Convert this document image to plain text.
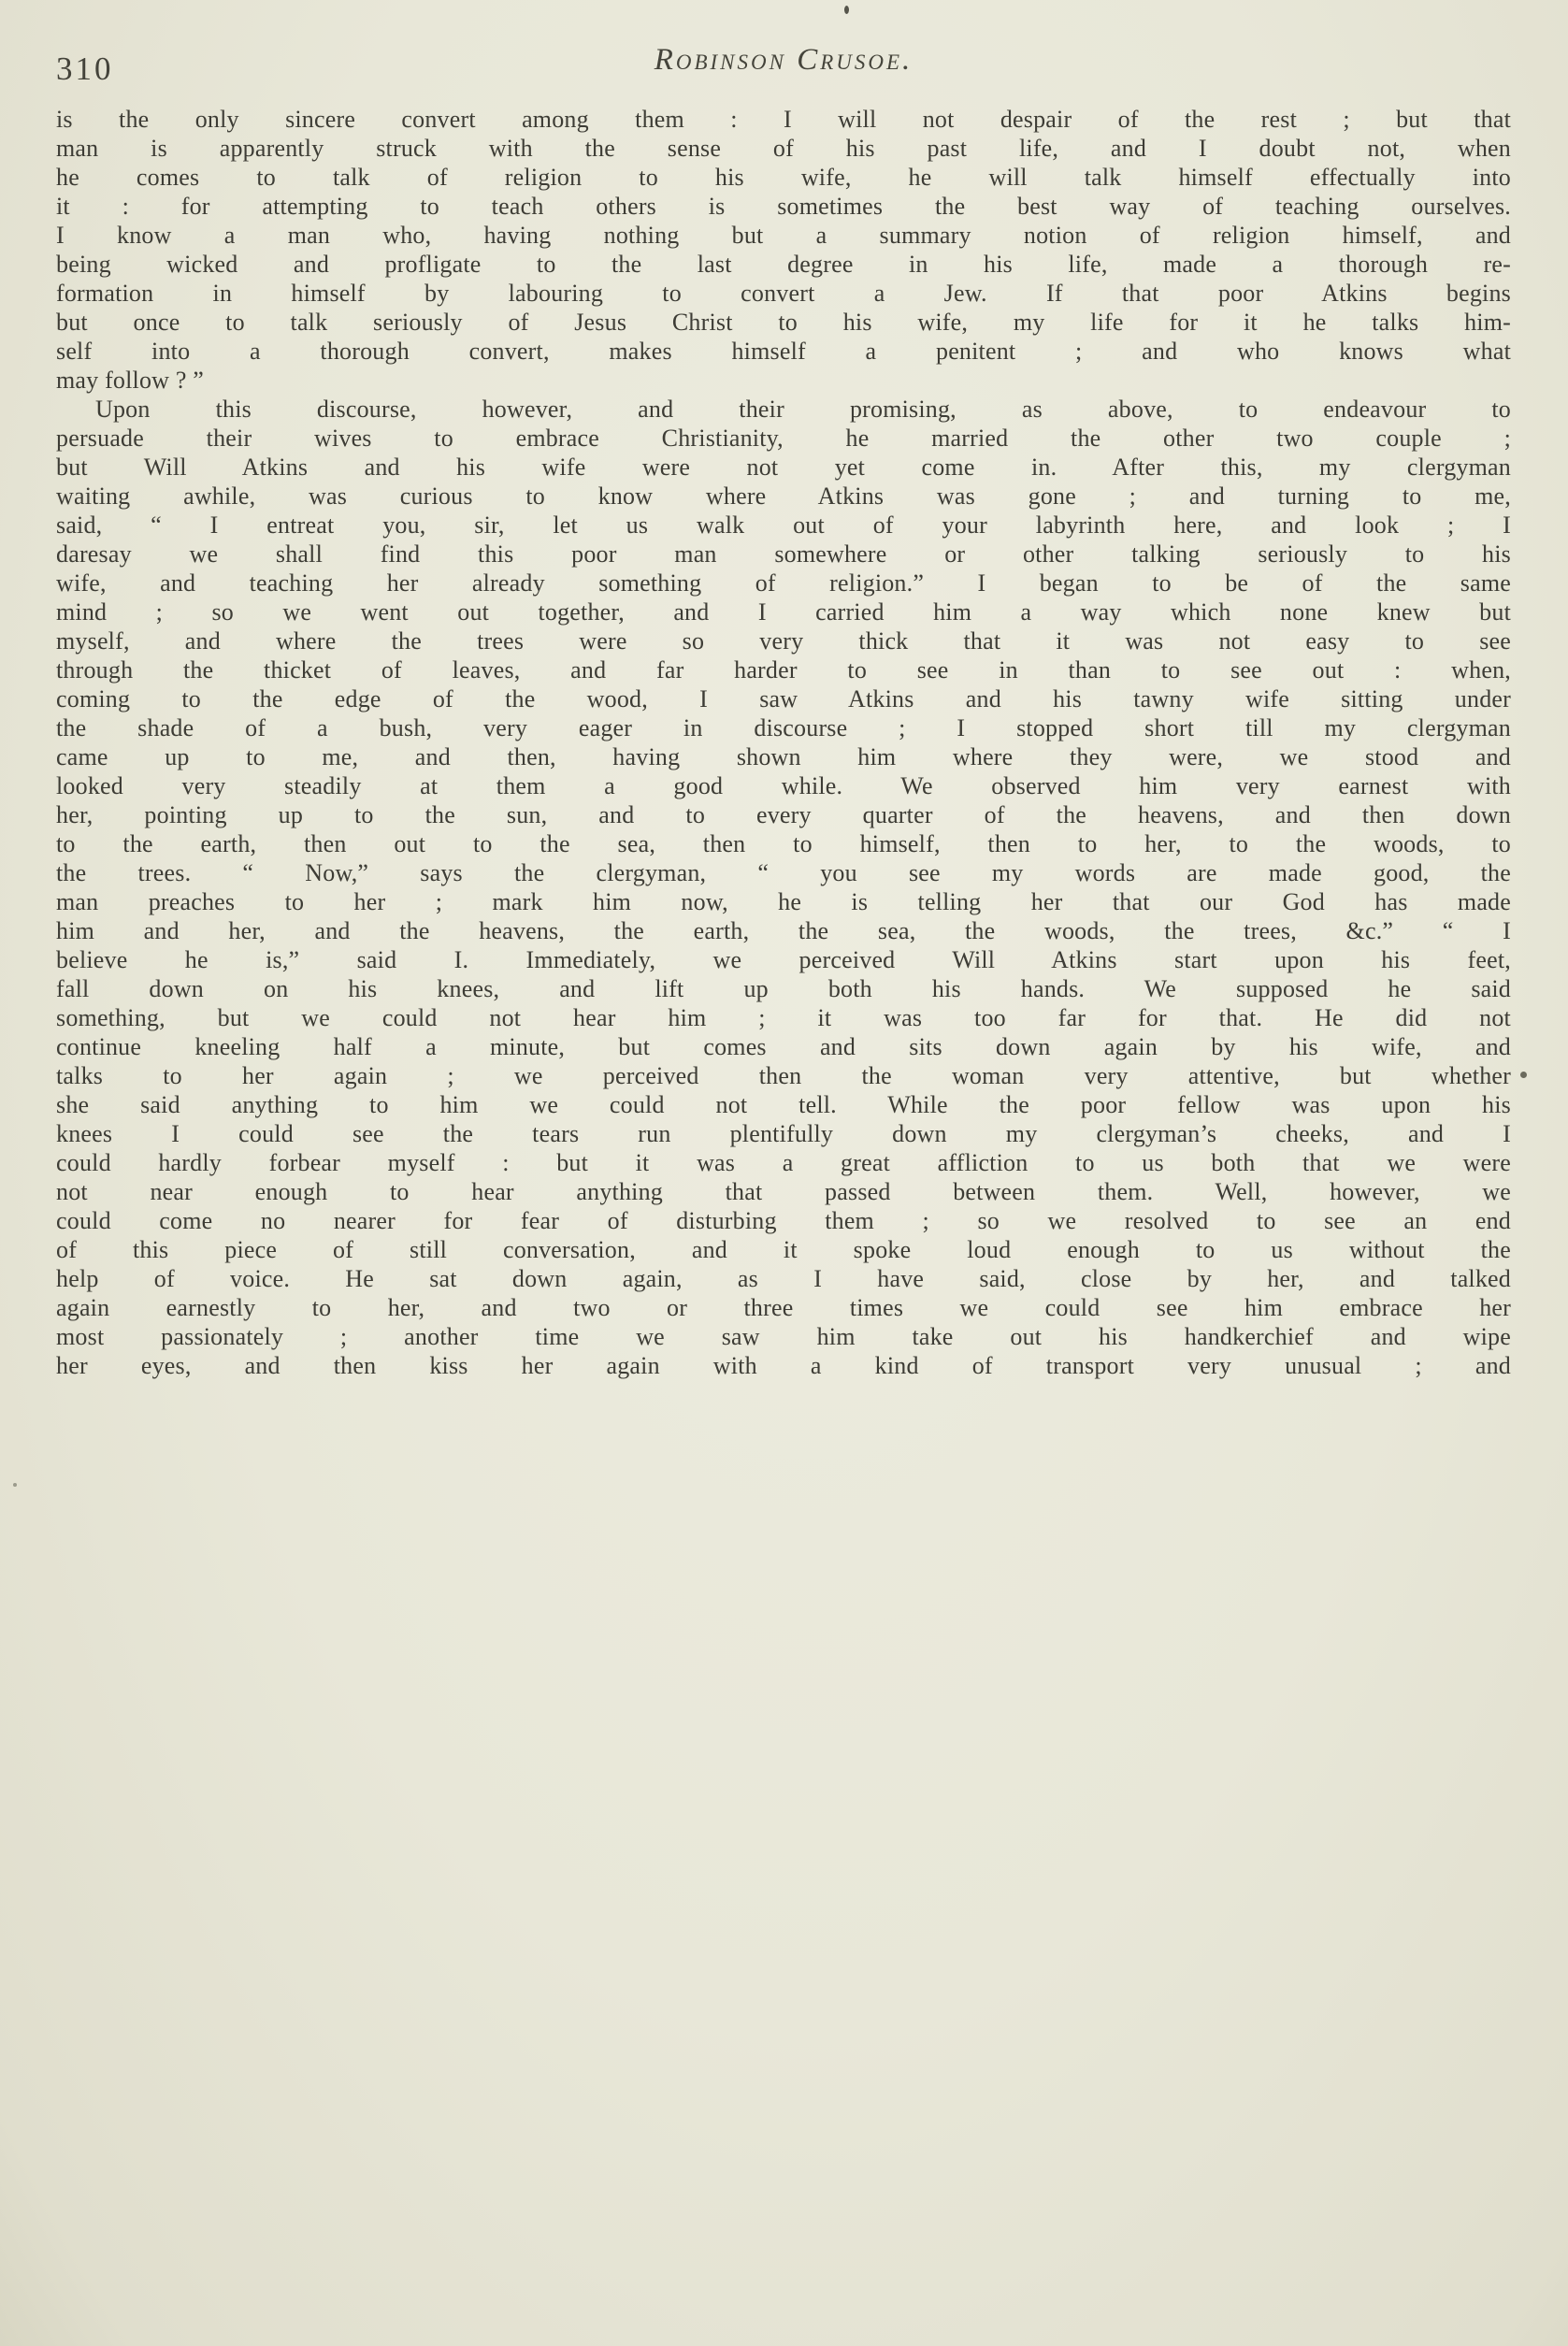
310	Robinson Crusoe.
is the only sincere convert among them : I will not despair of the rest ; but that
man is apparently struck with the sense of his past life, and I doubt not, when
he comes to talk of religion to his wife, he will talk himself effectually into
it : for attempting to teach others is sometimes the best way of teaching ourselves.
I know a man who, having nothing but a summary notion of religion himself, and
being wicked and profligate to the last degree in his life, made a thorough re-
formation in himself by labouring to convert a Jew. If that poor Atkins begins
but once to talk seriously of Jesus Christ to his wife, my life for it he talks him-
self into a thorough convert, makes himself a penitent ; and who knows what
may follow ? ”
Upon this discourse, however, and their promising, as above, to endeavour to
persuade their wives to embrace Christianity, he married the other two couple ;
but Will Atkins and his wife were not yet come in. After this, my clergyman
waiting awhile, was curious to know where Atkins was gone ; and turning to me,
said, “ I entreat you, sir, let us walk out of your labyrinth here, and look ; I
daresay we shall find this poor man somewhere or other talking seriously to his
wife, and teaching her already something of religion.” I began to be of the same
mind ; so we went out together, and I carried him a way which none knew but
myself, and where the trees were so very thick that it was not easy to see
through the thicket of leaves, and far harder to see in than to see out : when,
coming to the edge of the wood, I saw Atkins and his tawny wife sitting under
the shade of a bush, very eager in discourse ; I stopped short till my clergyman
came up to me, and then, having shown him where they were, we stood and
looked very steadily at them a good while. We observed him very earnest with
her, pointing up to the sun, and to every quarter of the heavens, and then down
to the earth, then out to the sea, then to himself, then to her, to the woods, to
the trees. “ Now,” says the clergyman, “ you see my words are made good, the
man preaches to her ; mark him now, he is telling her that our God has made
him and her, and the heavens, the earth, the sea, the woods, the trees, &c.” “ I
believe he is,” said I. Immediately, we perceived Will Atkins start upon his feet,
fall down on his knees, and lift up both his hands. We supposed he said
something, but we could not hear him ; it was too far for that. He did not
continue kneeling half a minute, but comes and sits down again by his wife, and
talks to her again ; we perceived then the woman very attentive, but whether
she said anything to him we could not tell. While the poor fellow was upon his
knees I could see the tears run plentifully down my clergyman’s cheeks, and I
could hardly forbear myself : but it was a great affliction to us both that we were
not near enough to hear anything that passed between them. Well, however, we
could come no nearer for fear of disturbing them ; so we resolved to see an end
of this piece of still conversation, and it spoke loud enough to us without the
help of voice. He sat down again, as I have said, close by her, and talked
again earnestly to her, and two or three times we could see him embrace her
most passionately ; another time we saw him take out his handkerchief and wipe
her eyes, and then kiss her again with a kind of transport very unusual ; and
